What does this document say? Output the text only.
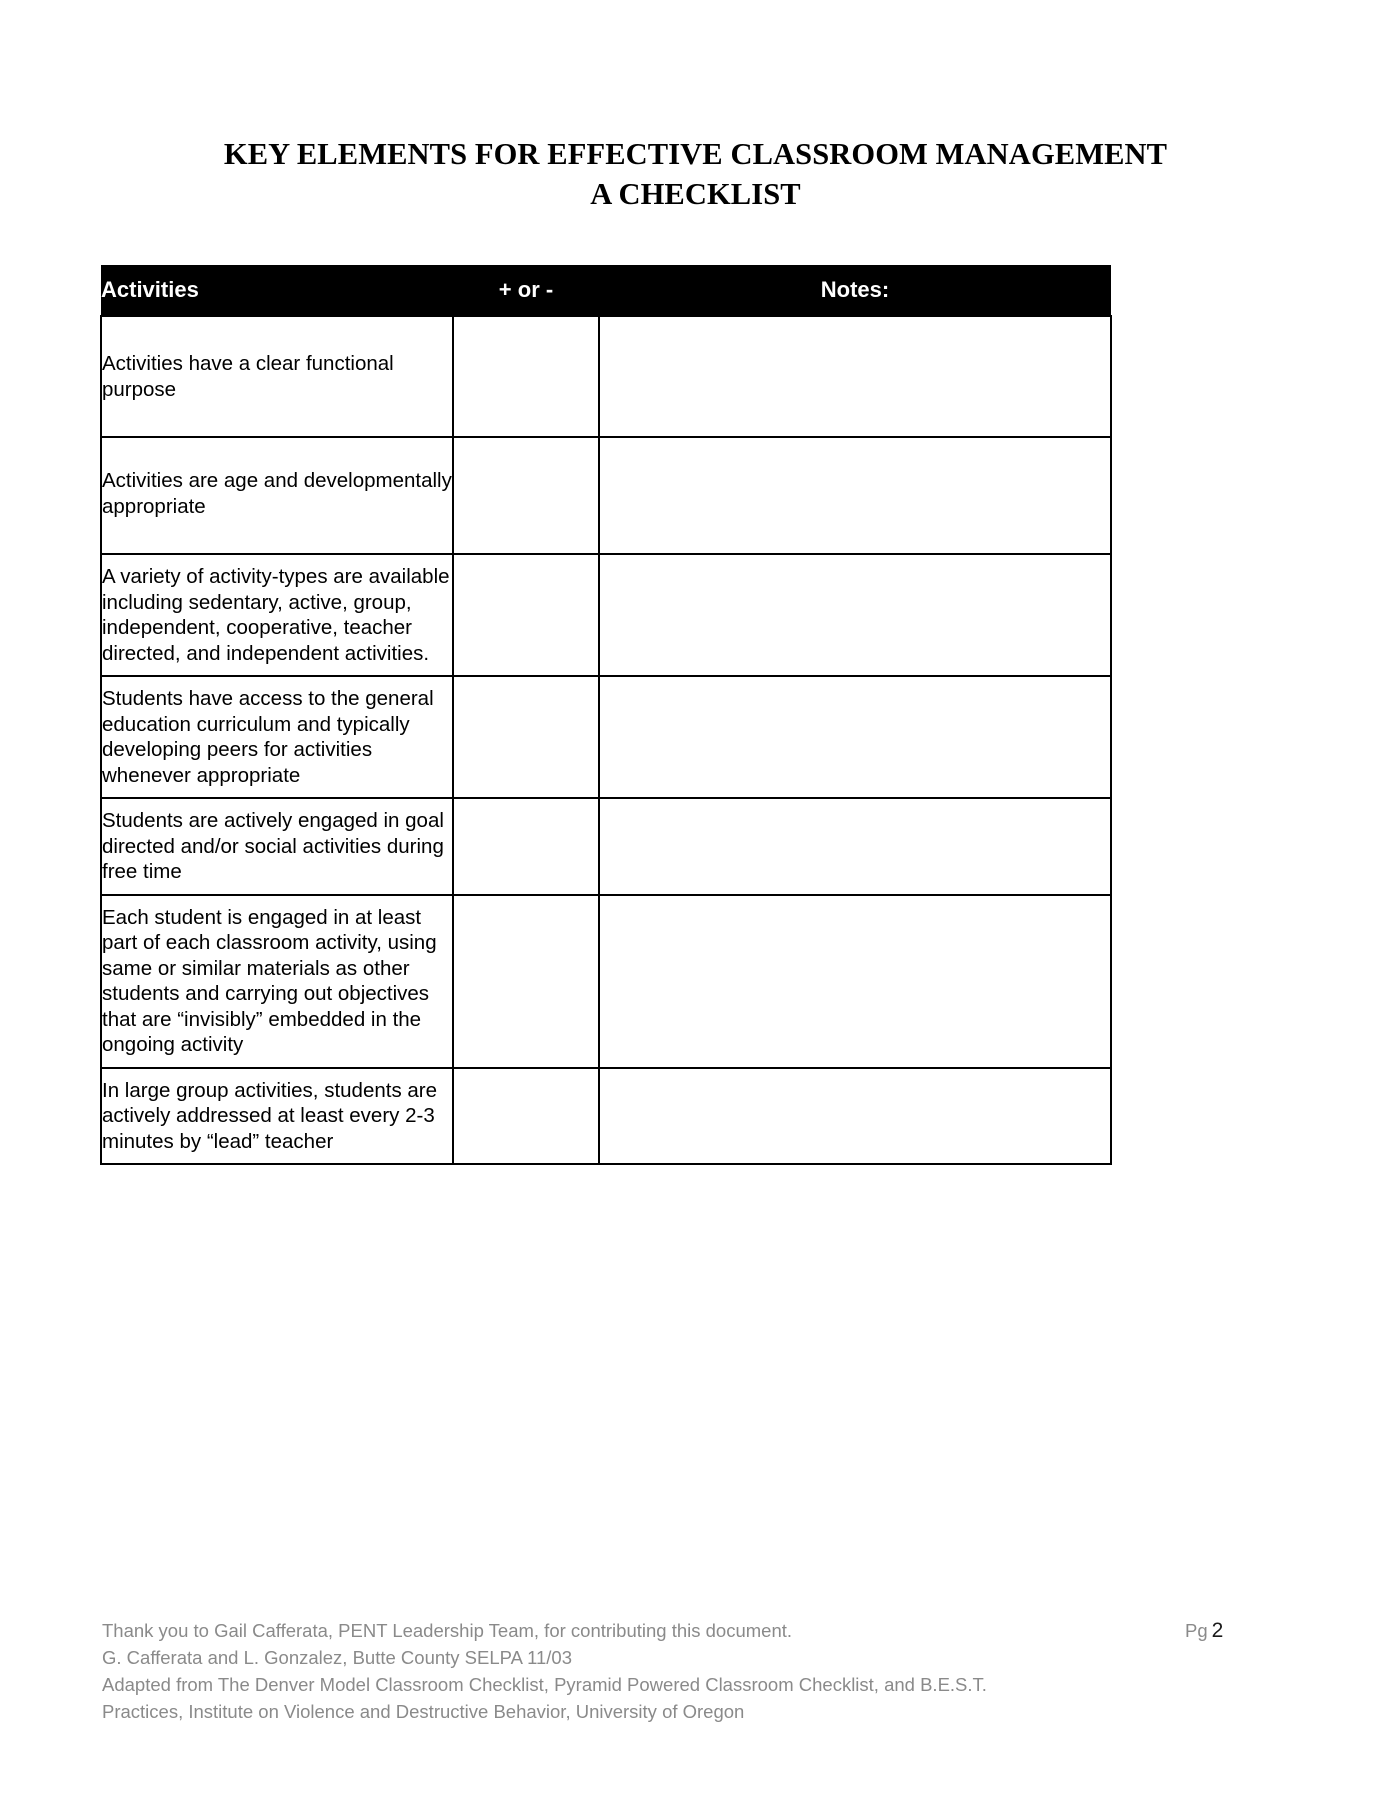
KEY ELEMENTS FOR EFFECTIVE CLASSROOM MANAGEMENT
A CHECKLIST
Activities	+ or -	Notes:

Activities have a clear functional purpose		

Activities are age and developmentally appropriate		

A variety of activity-types are available including sedentary, active, group, independent, cooperative, teacher directed, and independent activities.		

Students have access to the general education curriculum and typically developing peers for activities whenever appropriate		

Students are actively engaged in goal directed and/or social activities during free time		

Each student is engaged in at least part of each classroom activity, using same or similar materials as other students and carrying out objectives that are “invisibly” embedded in the ongoing activity		

In large group activities, students are actively addressed at least every 2-3 minutes by “lead” teacher		

Thank you to Gail Cafferata, PENT Leadership Team, for contributing this document.	Pg 2
G. Cafferata and L. Gonzalez, Butte County SELPA 11/03
Adapted from The Denver Model Classroom Checklist, Pyramid Powered Classroom Checklist, and B.E.S.T.
Practices, Institute on Violence and Destructive Behavior, University of Oregon
